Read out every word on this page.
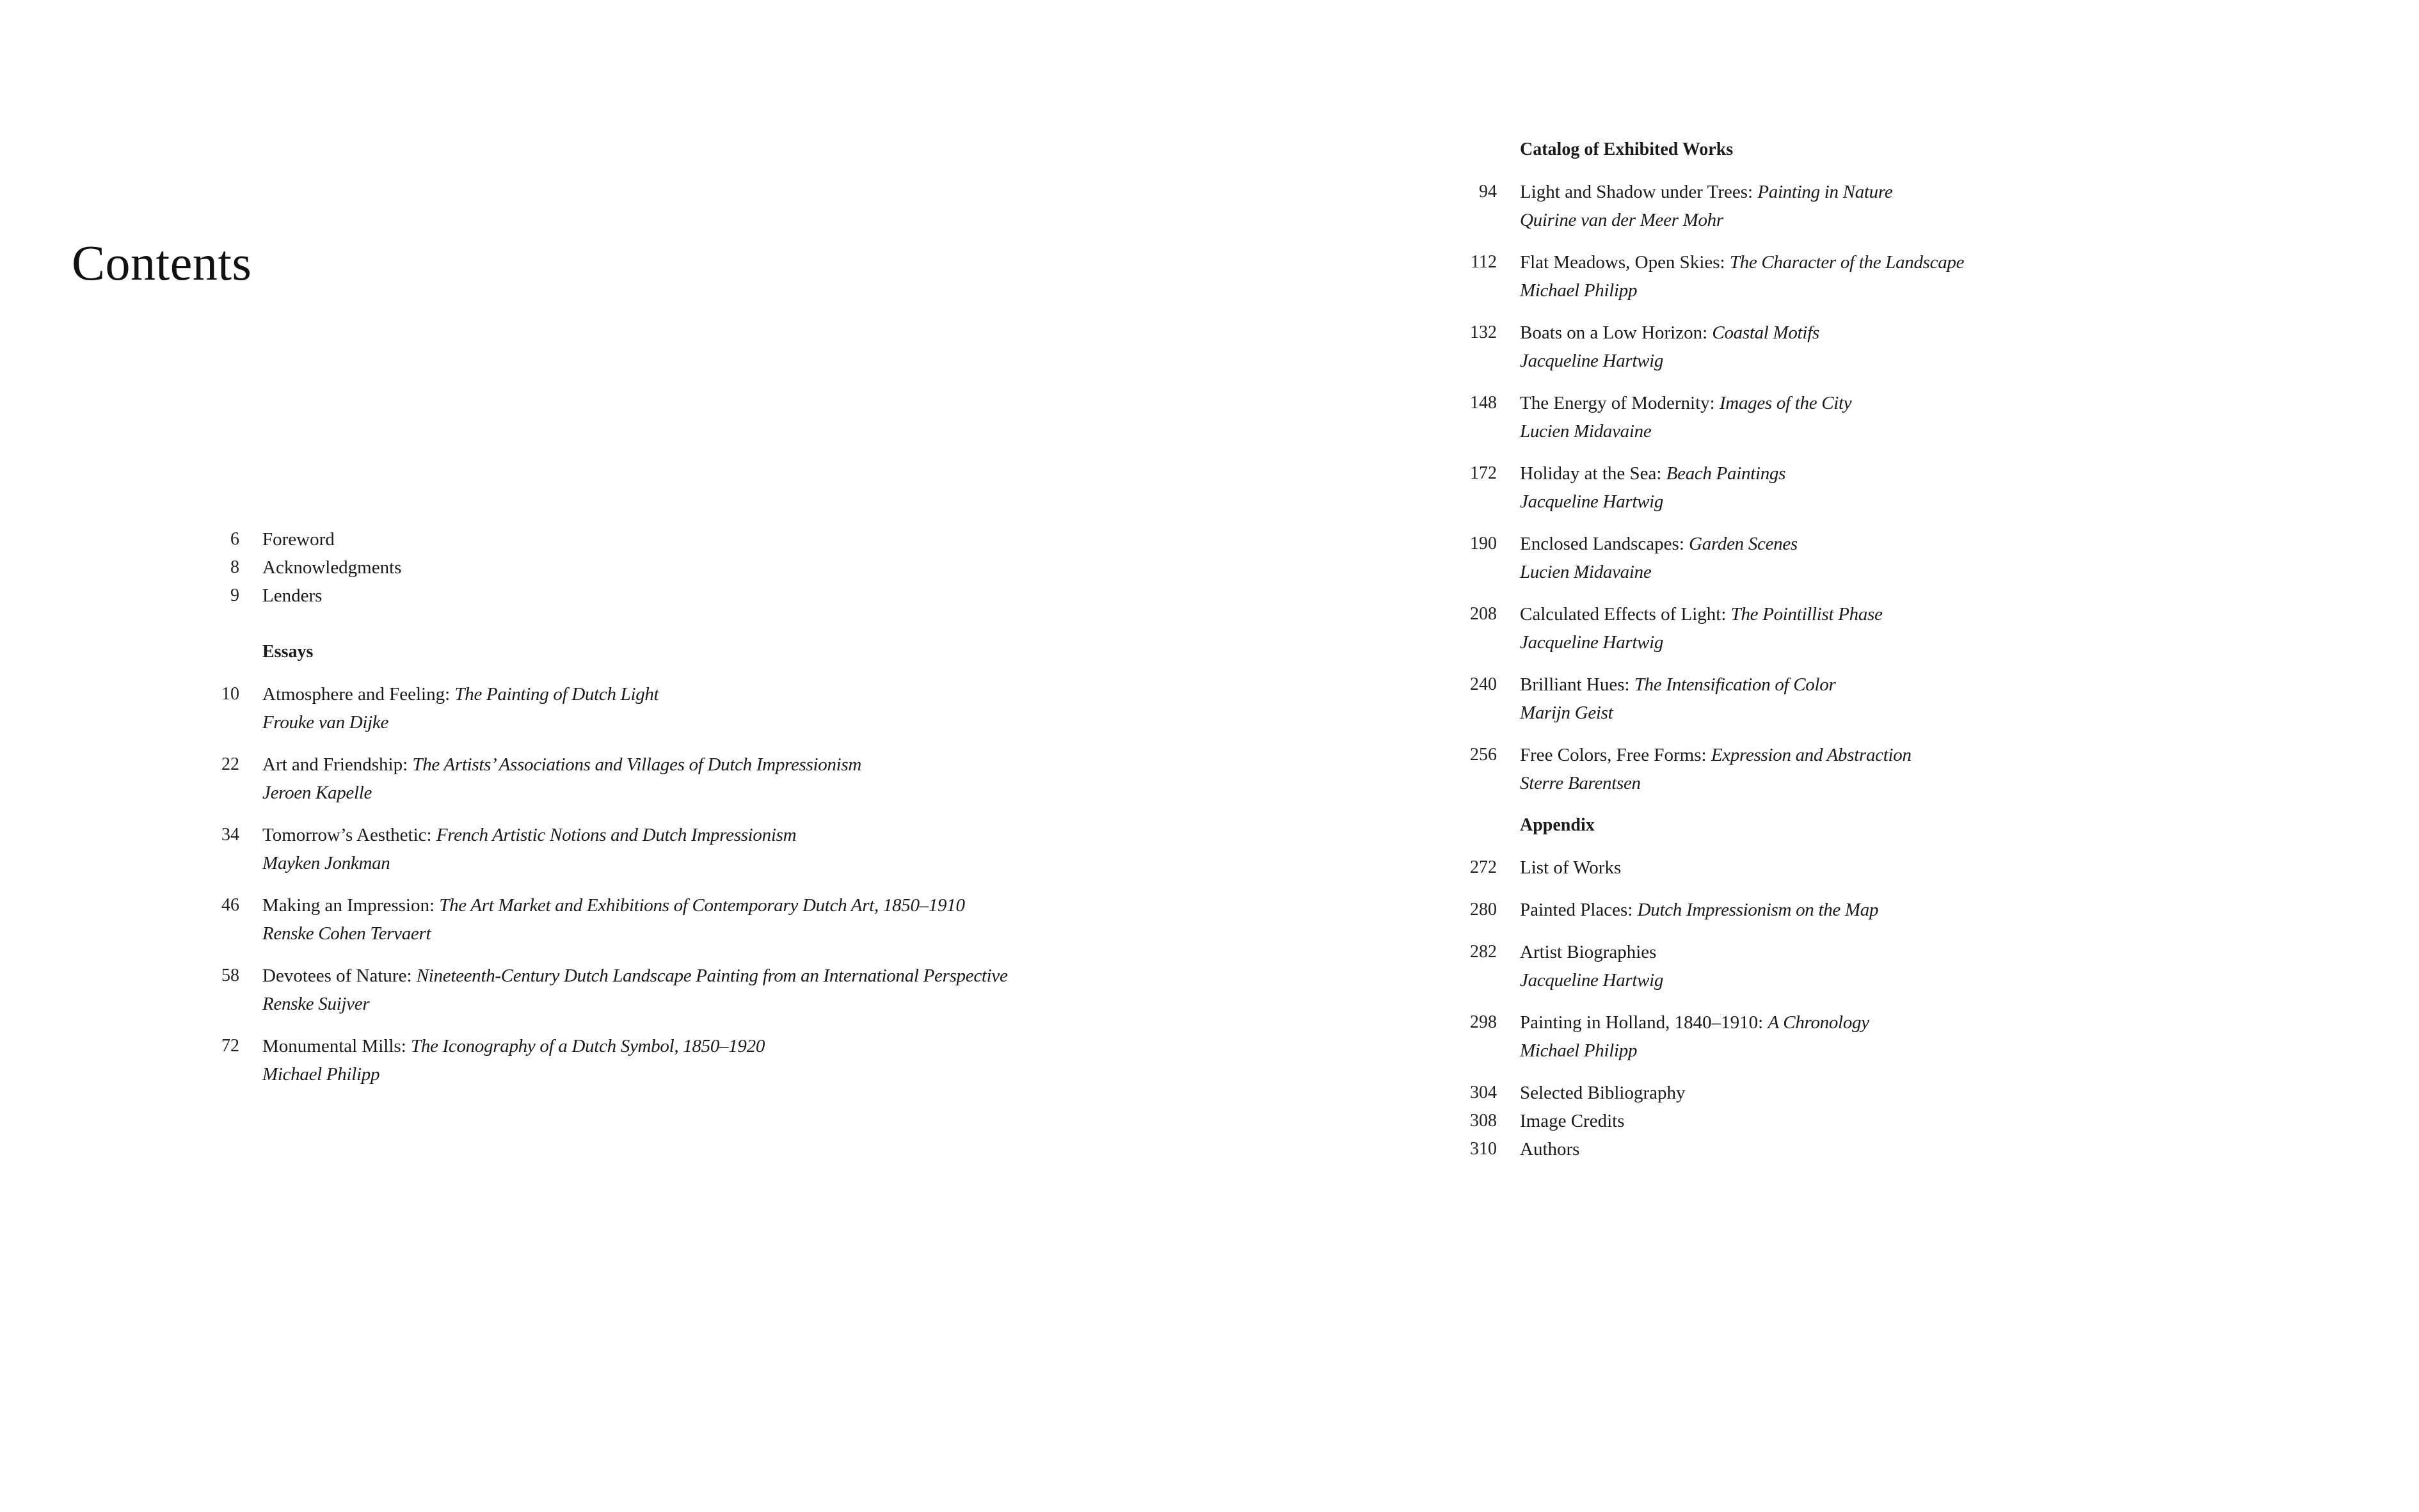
Contents
6	Foreword
8	Acknowledgments
9	Lenders
Essays
10	Atmosphere and Feeling: The Painting of Dutch Light
Frouke van Dijke
22	Art and Friendship: The Artists’ Associations and Villages of Dutch Impressionism
Jeroen Kapelle
34	Tomorrow’s Aesthetic: French Artistic Notions and Dutch Impressionism
Mayken Jonkman
46	Making an Impression: The Art Market and Exhibitions of Contemporary Dutch Art, 1850–1910
Renske Cohen Tervaert
58	Devotees of Nature: Nineteenth-Century Dutch Landscape Painting from an International Perspective
Renske Suijver
72	Monumental Mills: The Iconography of a Dutch Symbol, 1850–1920
Michael Philipp
Catalog of Exhibited Works
94	Light and Shadow under Trees: Painting in Nature
Quirine van der Meer Mohr
112	Flat Meadows, Open Skies: The Character of the Landscape
Michael Philipp
132	Boats on a Low Horizon: Coastal Motifs
Jacqueline Hartwig
148	The Energy of Modernity: Images of the City
Lucien Midavaine
172	Holiday at the Sea: Beach Paintings
Jacqueline Hartwig
190	Enclosed Landscapes: Garden Scenes
Lucien Midavaine
208	Calculated Effects of Light: The Pointillist Phase
Jacqueline Hartwig
240	Brilliant Hues: The Intensification of Color
Marijn Geist
256	Free Colors, Free Forms: Expression and Abstraction
Sterre Barentsen
Appendix
272	List of Works
280	Painted Places: Dutch Impressionism on the Map
282	Artist Biographies
Jacqueline Hartwig
298	Painting in Holland, 1840–1910: A Chronology
Michael Philipp
304	Selected Bibliography
308	Image Credits
310	Authors
